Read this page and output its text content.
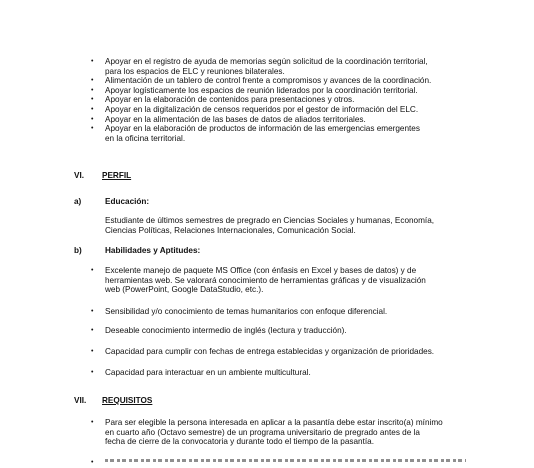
• Apoyar en el registro de ayuda de memorias según solicitud de la coordinación territorial,
para los espacios de ELC y reuniones bilaterales.
• Alimentación de un tablero de control frente a compromisos y avances de la coordinación.
• Apoyar logísticamente los espacios de reunión liderados por la coordinación territorial.
• Apoyar en la elaboración de contenidos para presentaciones y otros.
• Apoyar en la digitalización de censos requeridos por el gestor de información del ELC.
• Apoyar en la alimentación de las bases de datos de aliados territoriales.
• Apoyar en la elaboración de productos de información de las emergencias emergentes
en la oficina territorial.
VI. PERFIL
a)	Educación:
Estudiante de últimos semestres de pregrado en Ciencias Sociales y humanas, Economía,
Ciencias Políticas, Relaciones Internacionales, Comunicación Social.
b)	Habilidades y Aptitudes:
• Excelente manejo de paquete MS Office (con énfasis en Excel y bases de datos) y de
herramientas web. Se valorará conocimiento de herramientas gráficas y de visualización
web (PowerPoint, Google DataStudio, etc.).
• Sensibilidad y/o conocimiento de temas humanitarios con enfoque diferencial.
• Deseable conocimiento intermedio de inglés (lectura y traducción).
• Capacidad para cumplir con fechas de entrega establecidas y organización de prioridades.
• Capacidad para interactuar en un ambiente multicultural.
VII. REQUISITOS
• Para ser elegible la persona interesada en aplicar a la pasantía debe estar inscrito(a) mínimo
en cuarto año (Octavo semestre) de un programa universitario de pregrado antes de la
fecha de cierre de la convocatoria y durante todo el tiempo de la pasantía.
•
